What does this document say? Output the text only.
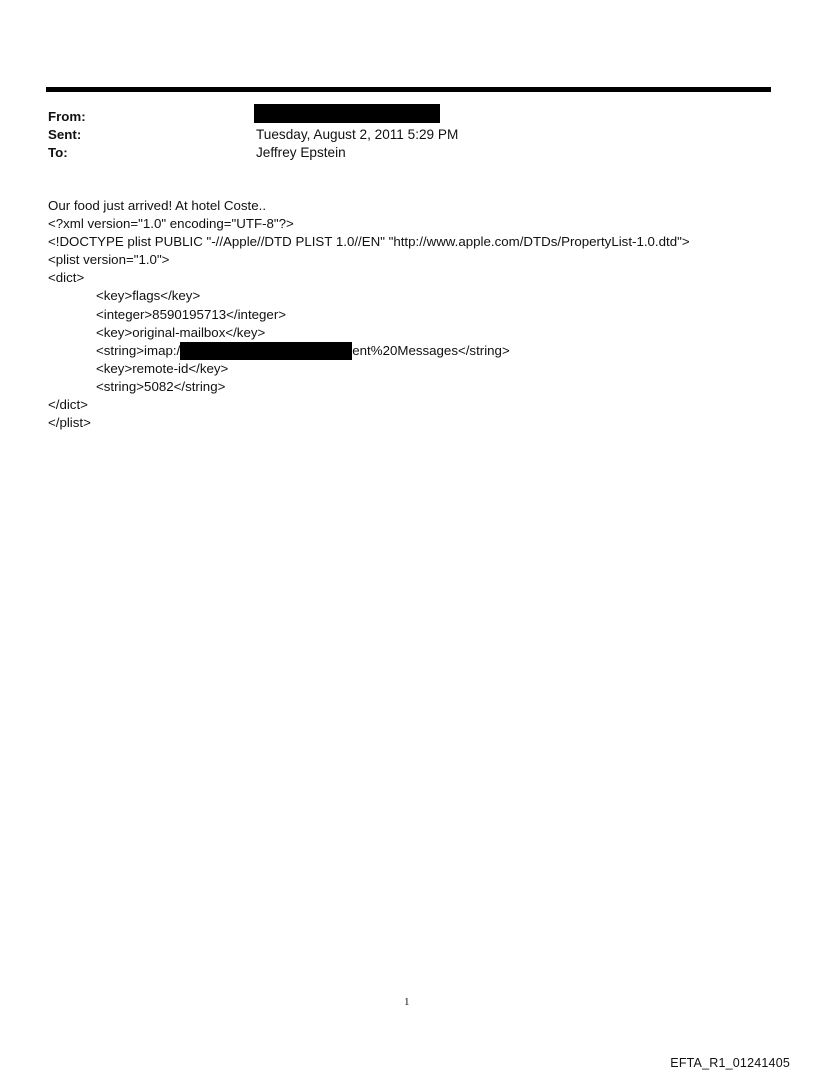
From:
Sent:	Tuesday, August 2, 2011 5:29 PM
To:	Jeffrey Epstein
Our food just arrived! At hotel Coste..
<?xml version="1.0" encoding="UTF-8"?>
<!DOCTYPE plist PUBLIC "-//Apple//DTD PLIST 1.0//EN" "http://www.apple.com/DTDs/PropertyList-1.0.dtd">
<plist version="1.0">
<dict>
<key>flags</key>
<integer>8590195713</integer>
<key>original-mailbox</key>
<string>imap:/	ent%20Messages</string>
<key>remote-id</key>
<string>5082</string>
</dict>
</plist>
1
EFTA_R1_01241405
